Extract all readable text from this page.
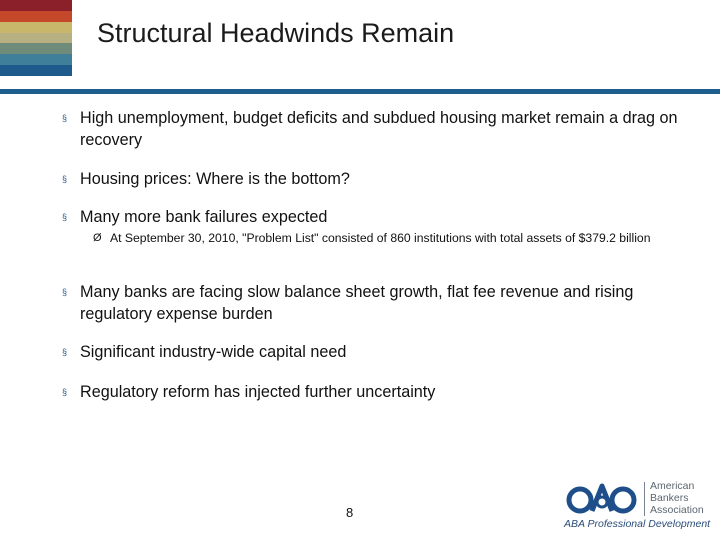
Structural Headwinds Remain
§ High unemployment, budget deficits and subdued housing market remain a drag on recovery
§ Housing prices: Where is the bottom?
§ Many more bank failures expected
Ø At September 30, 2010, "Problem List" consisted of 860 institutions with total assets of $379.2 billion
§ Many banks are facing slow balance sheet growth, flat fee revenue and rising regulatory expense burden
§ Significant industry-wide capital need
§ Regulatory reform has injected further uncertainty
8
American
Bankers
Association
ABA Professional Development
